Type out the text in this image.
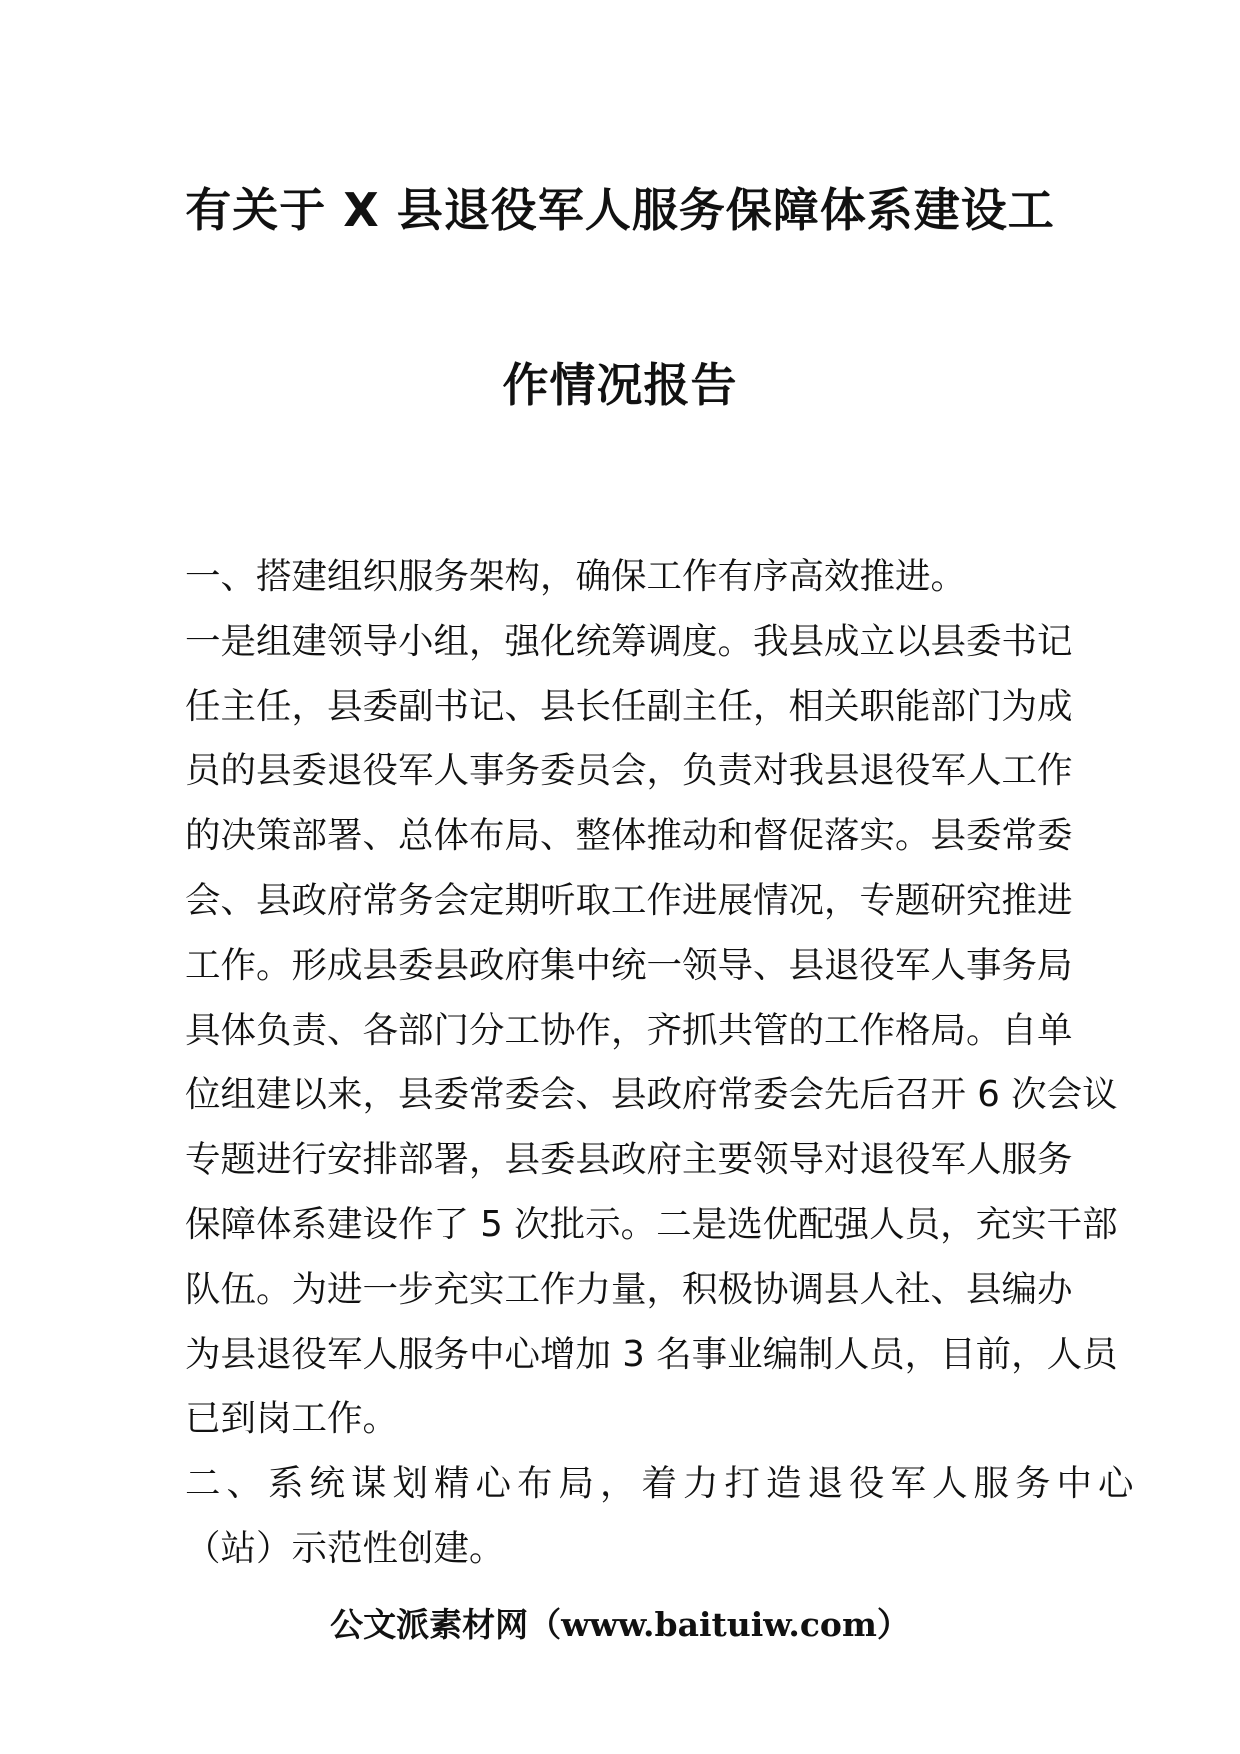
有关于 X 县退役军人服务保障体系建设工
作情况报告
一、搭建组织服务架构，确保工作有序高效推进。
一是组建领导小组，强化统筹调度。我县成立以县委书记
任主任，县委副书记、县长任副主任，相关职能部门为成
员的县委退役军人事务委员会，负责对我县退役军人工作
的决策部署、总体布局、整体推动和督促落实。县委常委
会、县政府常务会定期听取工作进展情况，专题研究推进
工作。形成县委县政府集中统一领导、县退役军人事务局
具体负责、各部门分工协作，齐抓共管的工作格局。自单
位组建以来，县委常委会、县政府常委会先后召开 6 次会议
专题进行安排部署，县委县政府主要领导对退役军人服务
保障体系建设作了 5 次批示。二是选优配强人员，充实干部
队伍。为进一步充实工作力量，积极协调县人社、县编办
为县退役军人服务中心增加 3 名事业编制人员，目前，人员
已到岗工作。
二、系统谋划精心布局，着力打造退役军人服务中心
（站）示范性创建。
公文派素材网（www.baituiw.com）
